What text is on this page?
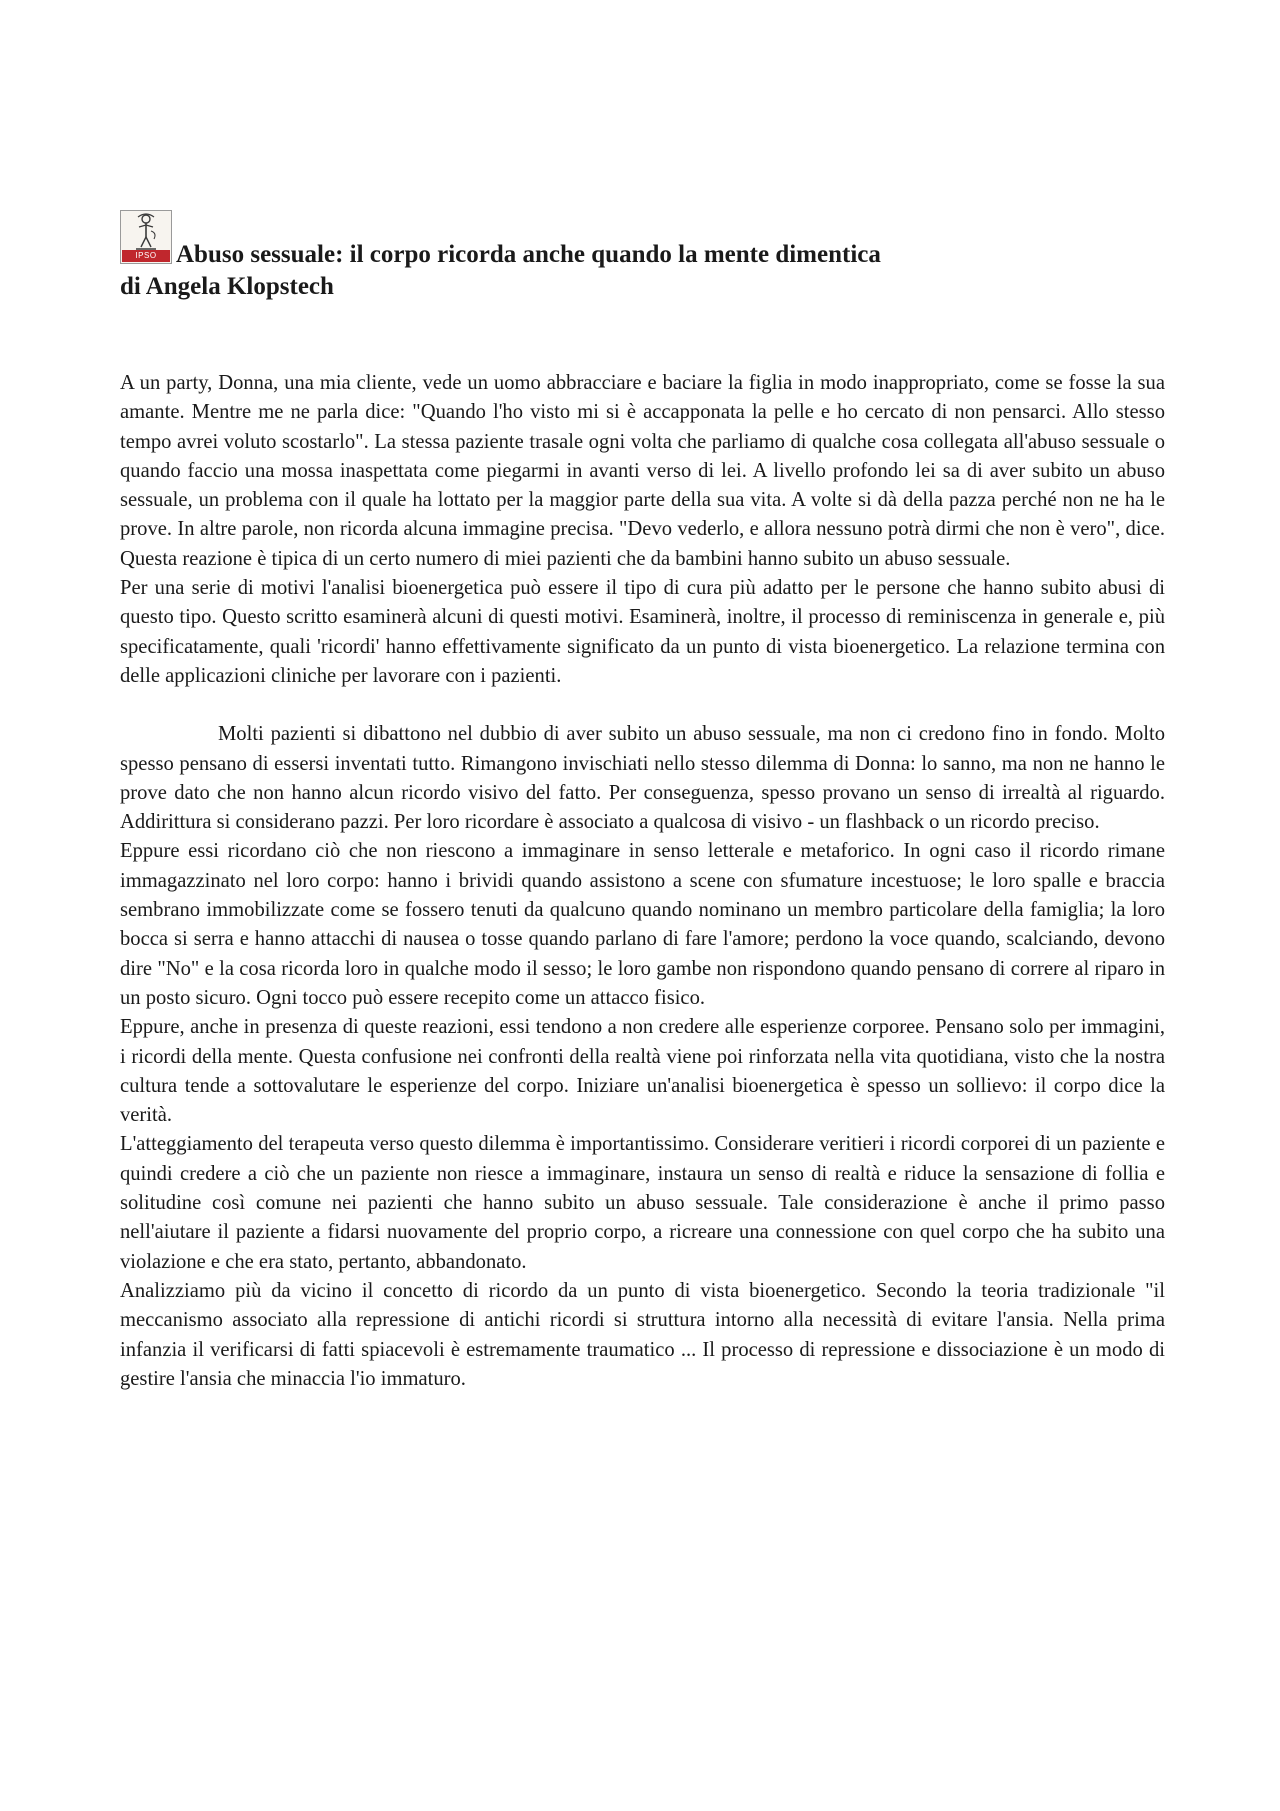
IPSO Abuso sessuale: il corpo ricorda anche quando la mente dimentica
di Angela Klopstech

A un party, Donna, una mia cliente, vede un uomo abbracciare e baciare la figlia in modo inappropriato, come se fosse la sua amante. Mentre me ne parla dice: "Quando l'ho visto mi si è accapponata la pelle e ho cercato di non pensarci. Allo stesso tempo avrei voluto scostarlo". La stessa paziente trasale ogni volta che parliamo di qualche cosa collegata all'abuso sessuale o quando faccio una mossa inaspettata come piegarmi in avanti verso di lei. A livello profondo lei sa di aver subito un abuso sessuale, un problema con il quale ha lottato per la maggior parte della sua vita. A volte si dà della pazza perché non ne ha le prove. In altre parole, non ricorda alcuna immagine precisa. "Devo vederlo, e allora nessuno potrà dirmi che non è vero", dice. Questa reazione è tipica di un certo numero di miei pazienti che da bambini hanno subito un abuso sessuale.

Per una serie di motivi l'analisi bioenergetica può essere il tipo di cura più adatto per le persone che hanno subito abusi di questo tipo. Questo scritto esaminerà alcuni di questi motivi. Esaminerà, inoltre, il processo di reminiscenza in generale e, più specificatamente, quali 'ricordi' hanno effettivamente significato da un punto di vista bioenergetico. La relazione termina con delle applicazioni cliniche per lavorare con i pazienti.

Molti pazienti si dibattono nel dubbio di aver subito un abuso sessuale, ma non ci credono fino in fondo. Molto spesso pensano di essersi inventati tutto. Rimangono invischiati nello stesso dilemma di Donna: lo sanno, ma non ne hanno le prove dato che non hanno alcun ricordo visivo del fatto. Per conseguenza, spesso provano un senso di irrealtà al riguardo. Addirittura si considerano pazzi. Per loro ricordare è associato a qualcosa di visivo - un flashback o un ricordo preciso.

Eppure essi ricordano ciò che non riescono a immaginare in senso letterale e metaforico. In ogni caso il ricordo rimane immagazzinato nel loro corpo: hanno i brividi quando assistono a scene con sfumature incestuose; le loro spalle e braccia sembrano immobilizzate come se fossero tenuti da qualcuno quando nominano un membro particolare della famiglia; la loro bocca si serra e hanno attacchi di nausea o tosse quando parlano di fare l'amore; perdono la voce quando, scalciando, devono dire "No" e la cosa ricorda loro in qualche modo il sesso; le loro gambe non rispondono quando pensano di correre al riparo in un posto sicuro. Ogni tocco può essere recepito come un attacco fisico.

Eppure, anche in presenza di queste reazioni, essi tendono a non credere alle esperienze corporee. Pensano solo per immagini, i ricordi della mente. Questa confusione nei confronti della realtà viene poi rinforzata nella vita quotidiana, visto che la nostra cultura tende a sottovalutare le esperienze del corpo. Iniziare un'analisi bioenergetica è spesso un sollievo: il corpo dice la verità.

L'atteggiamento del terapeuta verso questo dilemma è importantissimo. Considerare veritieri i ricordi corporei di un paziente e quindi credere a ciò che un paziente non riesce a immaginare, instaura un senso di realtà e riduce la sensazione di follia e solitudine così comune nei pazienti che hanno subito un abuso sessuale. Tale considerazione è anche il primo passo nell'aiutare il paziente a fidarsi nuovamente del proprio corpo, a ricreare una connessione con quel corpo che ha subito una violazione e che era stato, pertanto, abbandonato.

Analizziamo più da vicino il concetto di ricordo da un punto di vista bioenergetico. Secondo la teoria tradizionale "il meccanismo associato alla repressione di antichi ricordi si struttura intorno alla necessità di evitare l'ansia. Nella prima infanzia il verificarsi di fatti spiacevoli è estremamente traumatico ... Il processo di repressione e dissociazione è un modo di gestire l'ansia che minaccia l'io immaturo.
